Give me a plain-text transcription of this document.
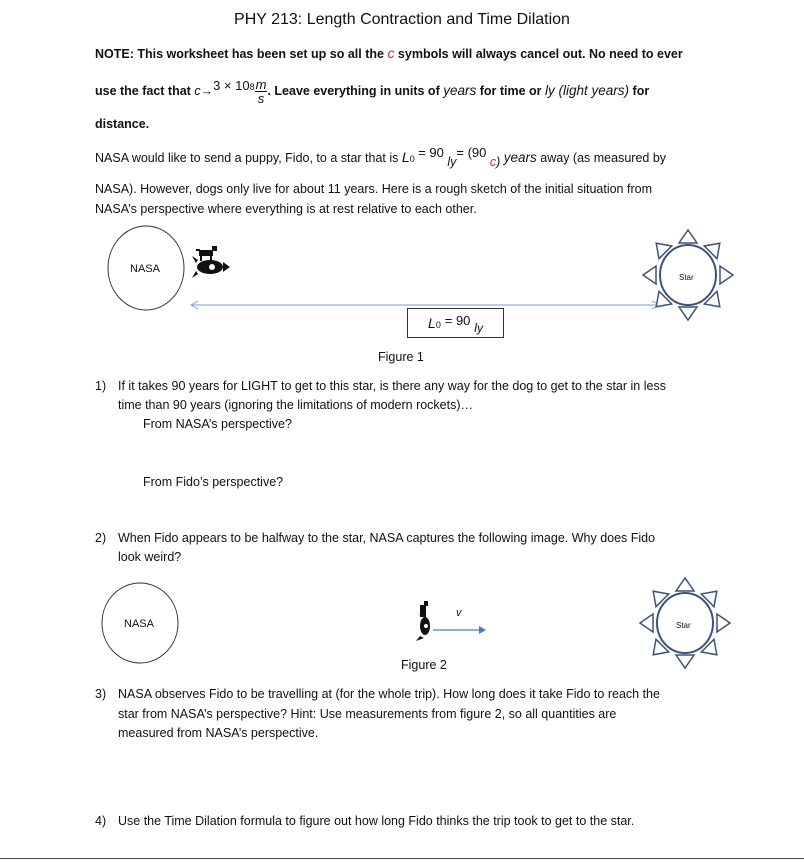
PHY 213: Length Contraction and Time Dilation
NOTE: This worksheet has been set up so all the c symbols will always cancel out. No need to ever
use the fact that $c\to 3 \times 10^8 \frac{m}{s}$ . Leave everything in units of years for time or ly (light years) for
distance.
NASA would like to send a puppy, Fido, to a star that is L0 = 90 ly= (90 c) years away (as measured by
NASA). However, dogs only live for about 11 years. Here is a rough sketch of the initial situation from
NASA’s perspective where everything is at rest relative to each other.
NASA
Star
L0 = 90 ly
Figure 1
1) If it takes 90 years for LIGHT to get to this star, is there any way for the dog to get to the star in less
time than 90 years (ignoring the limitations of modern rockets)…
From NASA’s perspective?
From Fido’s perspective?
2) When Fido appears to be halfway to the star, NASA captures the following image. Why does Fido
look weird?
NASA
v
Star
Figure 2
3) NASA observes Fido to be travelling at (for the whole trip). How long does it take Fido to reach the
star from NASA’s perspective? Hint: Use measurements from figure 2, so all quantities are
measured from NASA’s perspective.
4) Use the Time Dilation formula to figure out how long Fido thinks the trip took to get to the star.
